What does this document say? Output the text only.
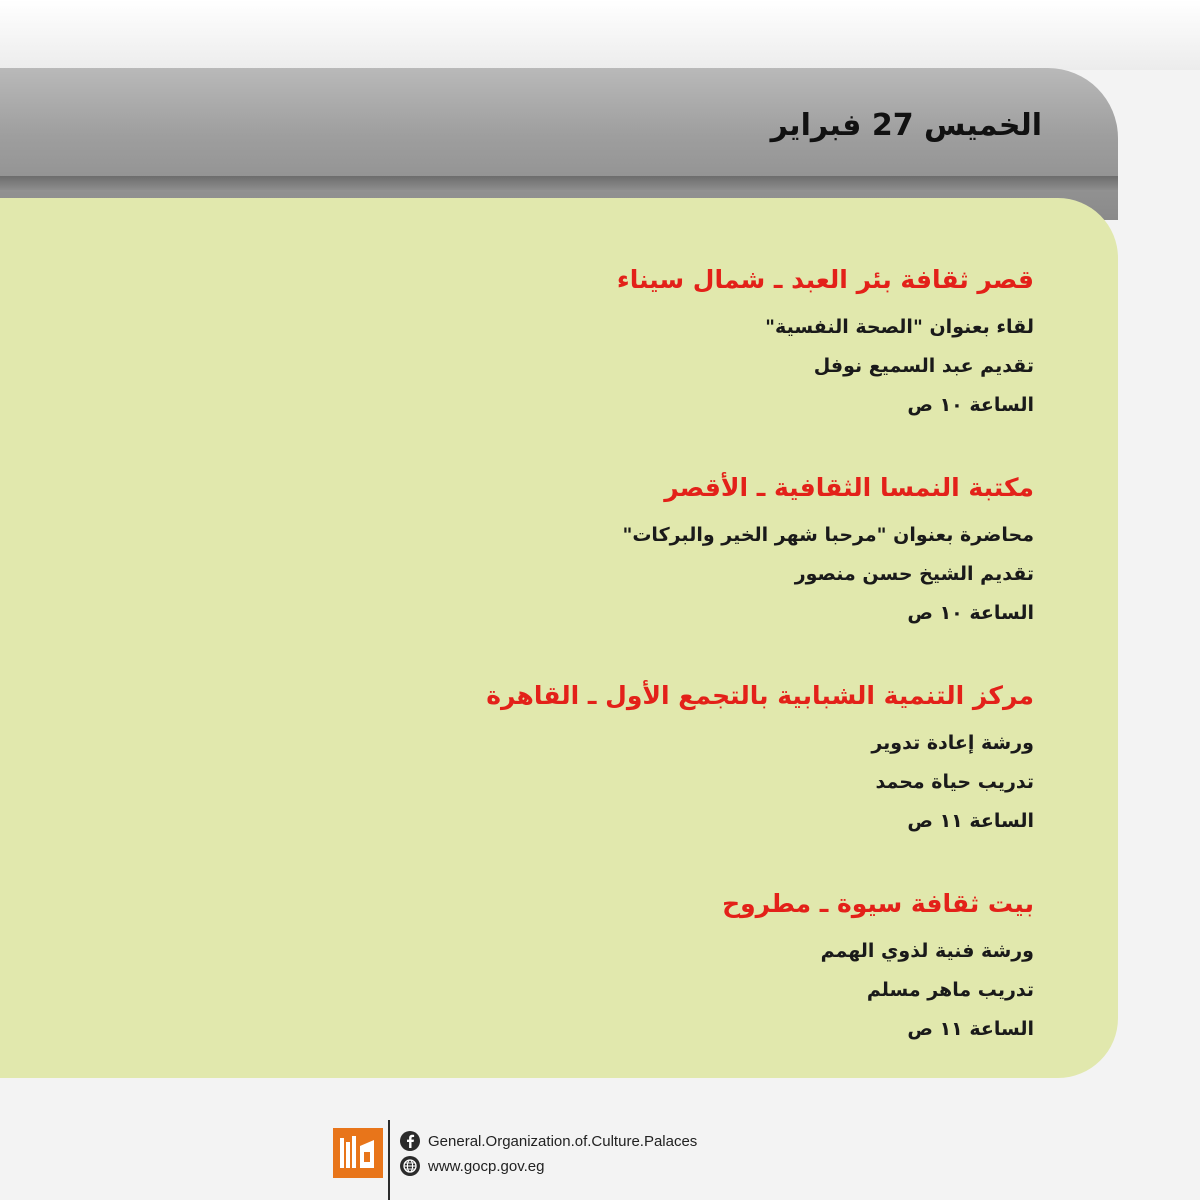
الخميس 27 فبراير
قصر ثقافة بئر العبد ـ شمال سيناء
لقاء بعنوان "الصحة النفسية"
تقديم عبد السميع نوفل
الساعة ١٠ ص
مكتبة النمسا الثقافية ـ الأقصر
محاضرة بعنوان "مرحبا شهر الخير والبركات"
تقديم الشيخ حسن منصور
الساعة ١٠ ص
مركز التنمية الشبابية بالتجمع الأول ـ القاهرة
ورشة إعادة تدوير
تدريب حياة محمد
الساعة ١١ ص
بيت ثقافة سيوة ـ مطروح
ورشة فنية لذوي الهمم
تدريب ماهر مسلم
الساعة ١١ ص
General.Organization.of.Culture.Palaces
www.gocp.gov.eg
